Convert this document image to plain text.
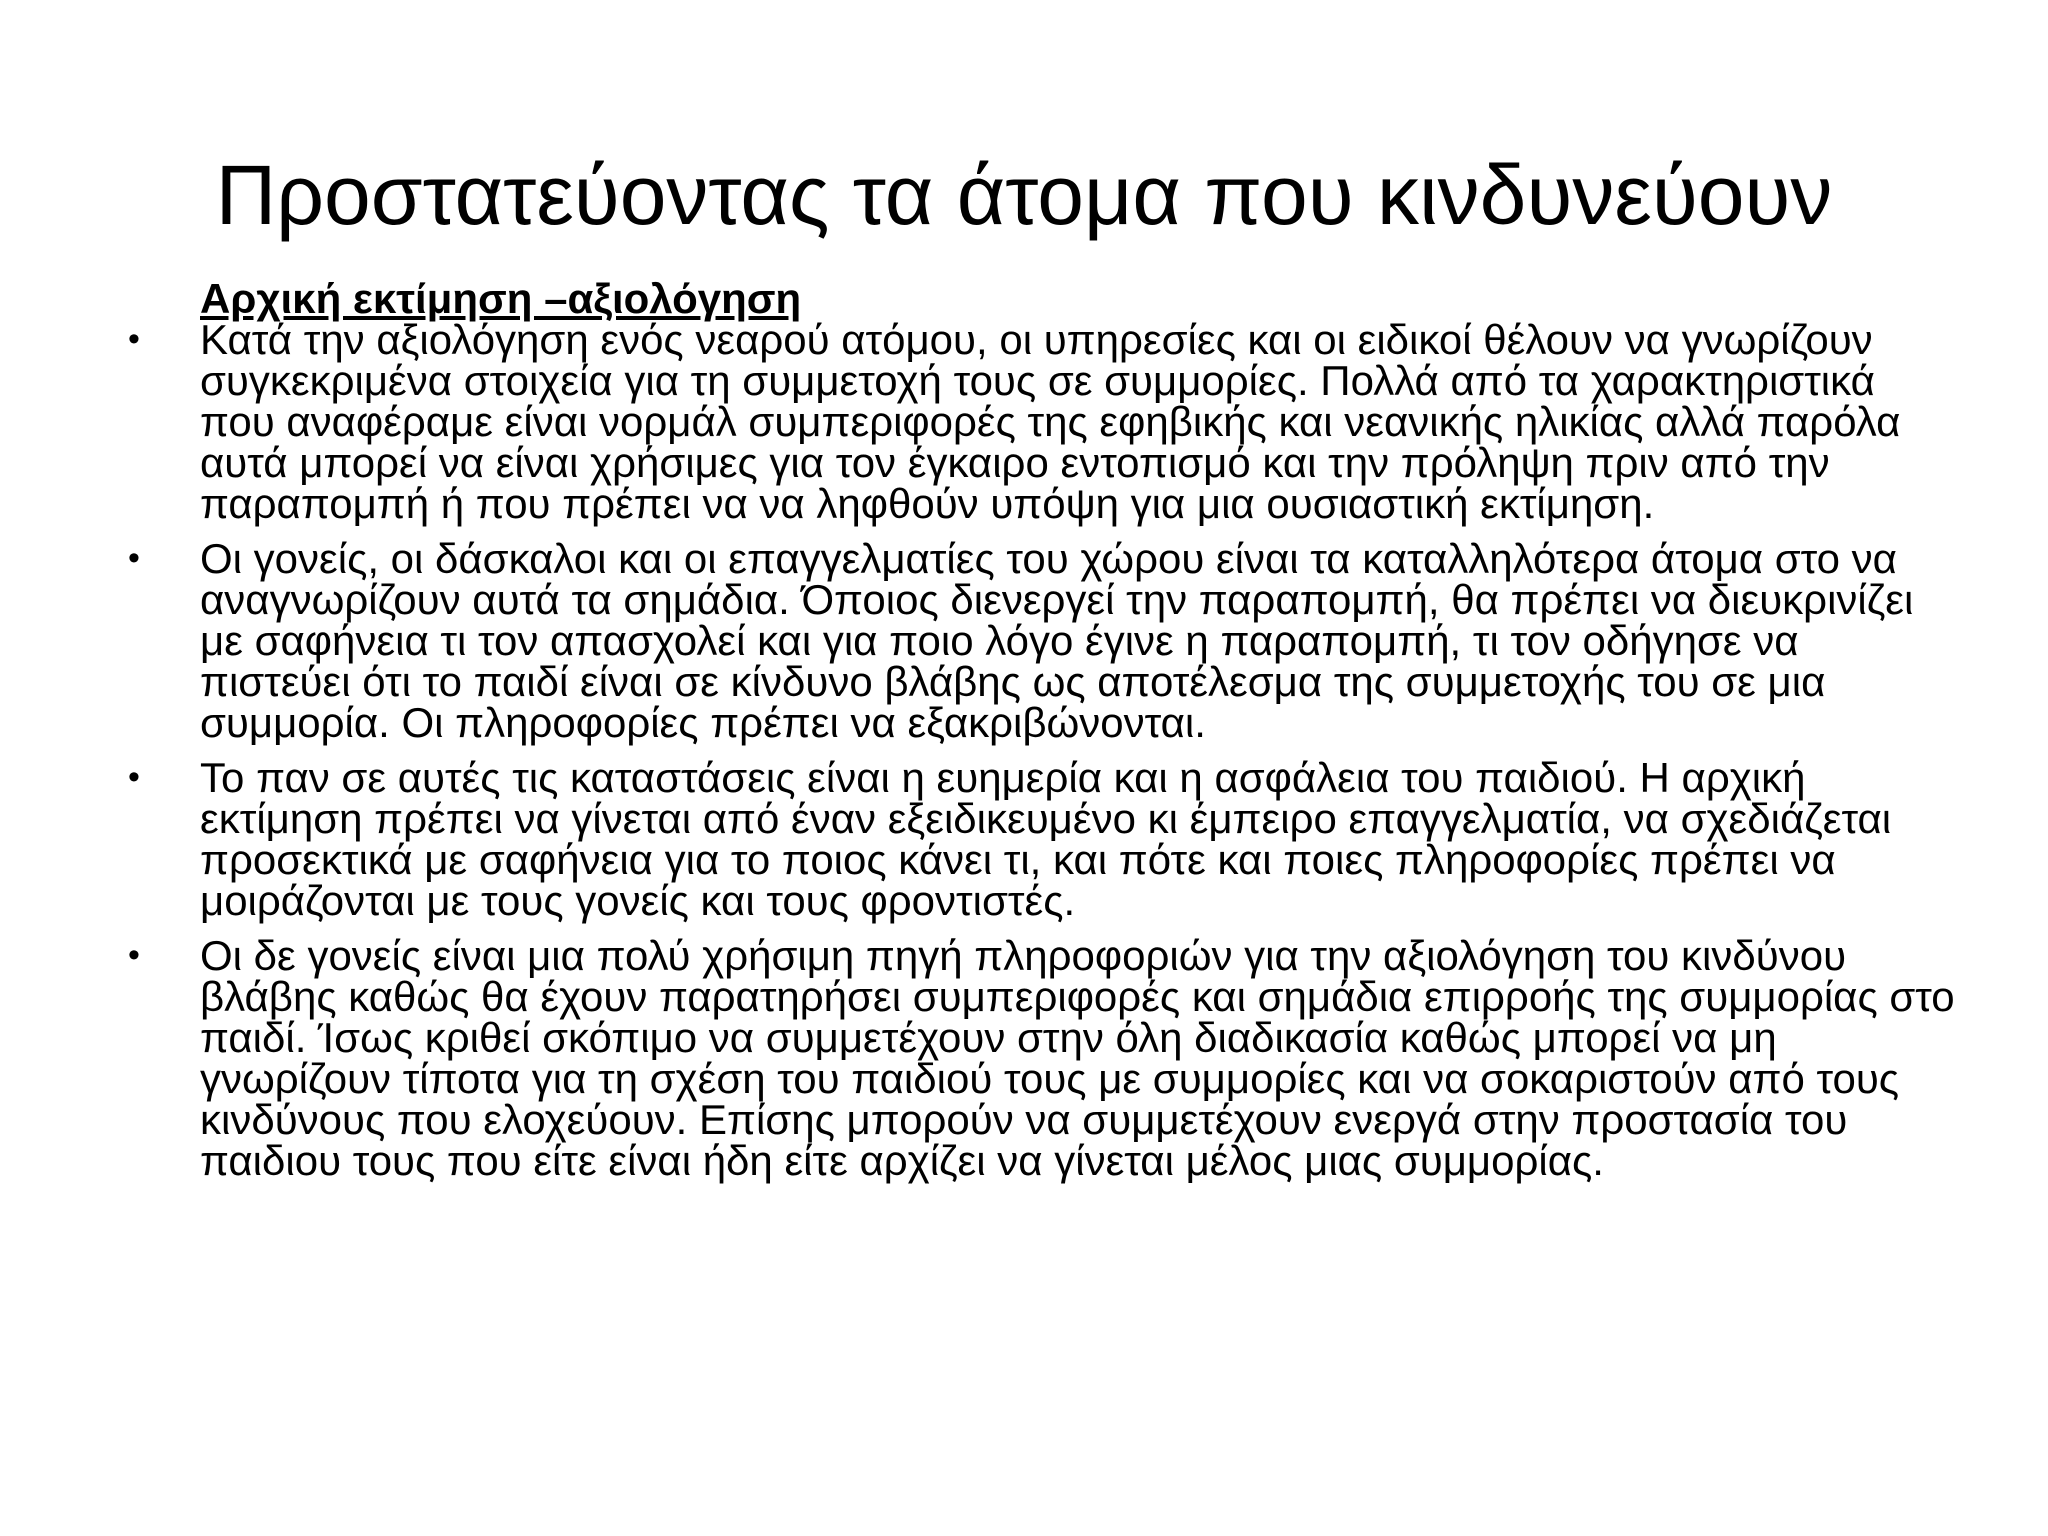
Προστατεύοντας τα άτομα που κινδυνεύουν
Αρχική εκτίμηση –αξιολόγηση
• Κατά την αξιολόγηση ενός νεαρού ατόμου, οι υπηρεσίες και οι ειδικοί θέλουν να γνωρίζουν συγκεκριμένα στοιχεία για τη συμμετοχή τους σε συμμορίες. Πολλά από τα χαρακτηριστικά που αναφέραμε είναι νορμάλ συμπεριφορές της εφηβικής και νεανικής ηλικίας αλλά παρόλα αυτά μπορεί να είναι χρήσιμες για τον έγκαιρο εντοπισμό και την πρόληψη πριν από την παραπομπή ή που πρέπει να να ληφθούν υπόψη για μια ουσιαστική εκτίμηση.
• Οι γονείς, οι δάσκαλοι και οι επαγγελματίες του χώρου είναι τα καταλληλότερα άτομα στο να αναγνωρίζουν αυτά τα σημάδια. Όποιος διενεργεί την παραπομπή, θα πρέπει να διευκρινίζει με σαφήνεια τι τον απασχολεί και για ποιο λόγο έγινε η παραπομπή, τι τον οδήγησε να πιστεύει ότι το παιδί είναι σε κίνδυνο βλάβης ως αποτέλεσμα της συμμετοχής του σε μια συμμορία. Οι πληροφορίες πρέπει να εξακριβώνονται.
• Το παν σε αυτές τις καταστάσεις είναι η ευημερία και η ασφάλεια του παιδιού. Η αρχική εκτίμηση πρέπει να γίνεται από έναν εξειδικευμένο κι έμπειρο επαγγελματία, να σχεδιάζεται προσεκτικά με σαφήνεια για το ποιος κάνει τι, και πότε και ποιες πληροφορίες πρέπει να μοιράζονται με τους γονείς και τους φροντιστές.
• Οι δε γονείς είναι μια πολύ χρήσιμη πηγή πληροφοριών για την αξιολόγηση του κινδύνου βλάβης καθώς θα έχουν παρατηρήσει συμπεριφορές και σημάδια επιρροής της συμμορίας στο παιδί. Ίσως κριθεί σκόπιμο να συμμετέχουν στην όλη διαδικασία καθώς μπορεί να μη γνωρίζουν τίποτα για τη σχέση του παιδιού τους με συμμορίες και να σοκαριστούν από τους κινδύνους που ελοχεύουν. Επίσης μπορούν να συμμετέχουν ενεργά στην προστασία του παιδιου τους που είτε είναι ήδη είτε αρχίζει να γίνεται μέλος μιας συμμορίας.
